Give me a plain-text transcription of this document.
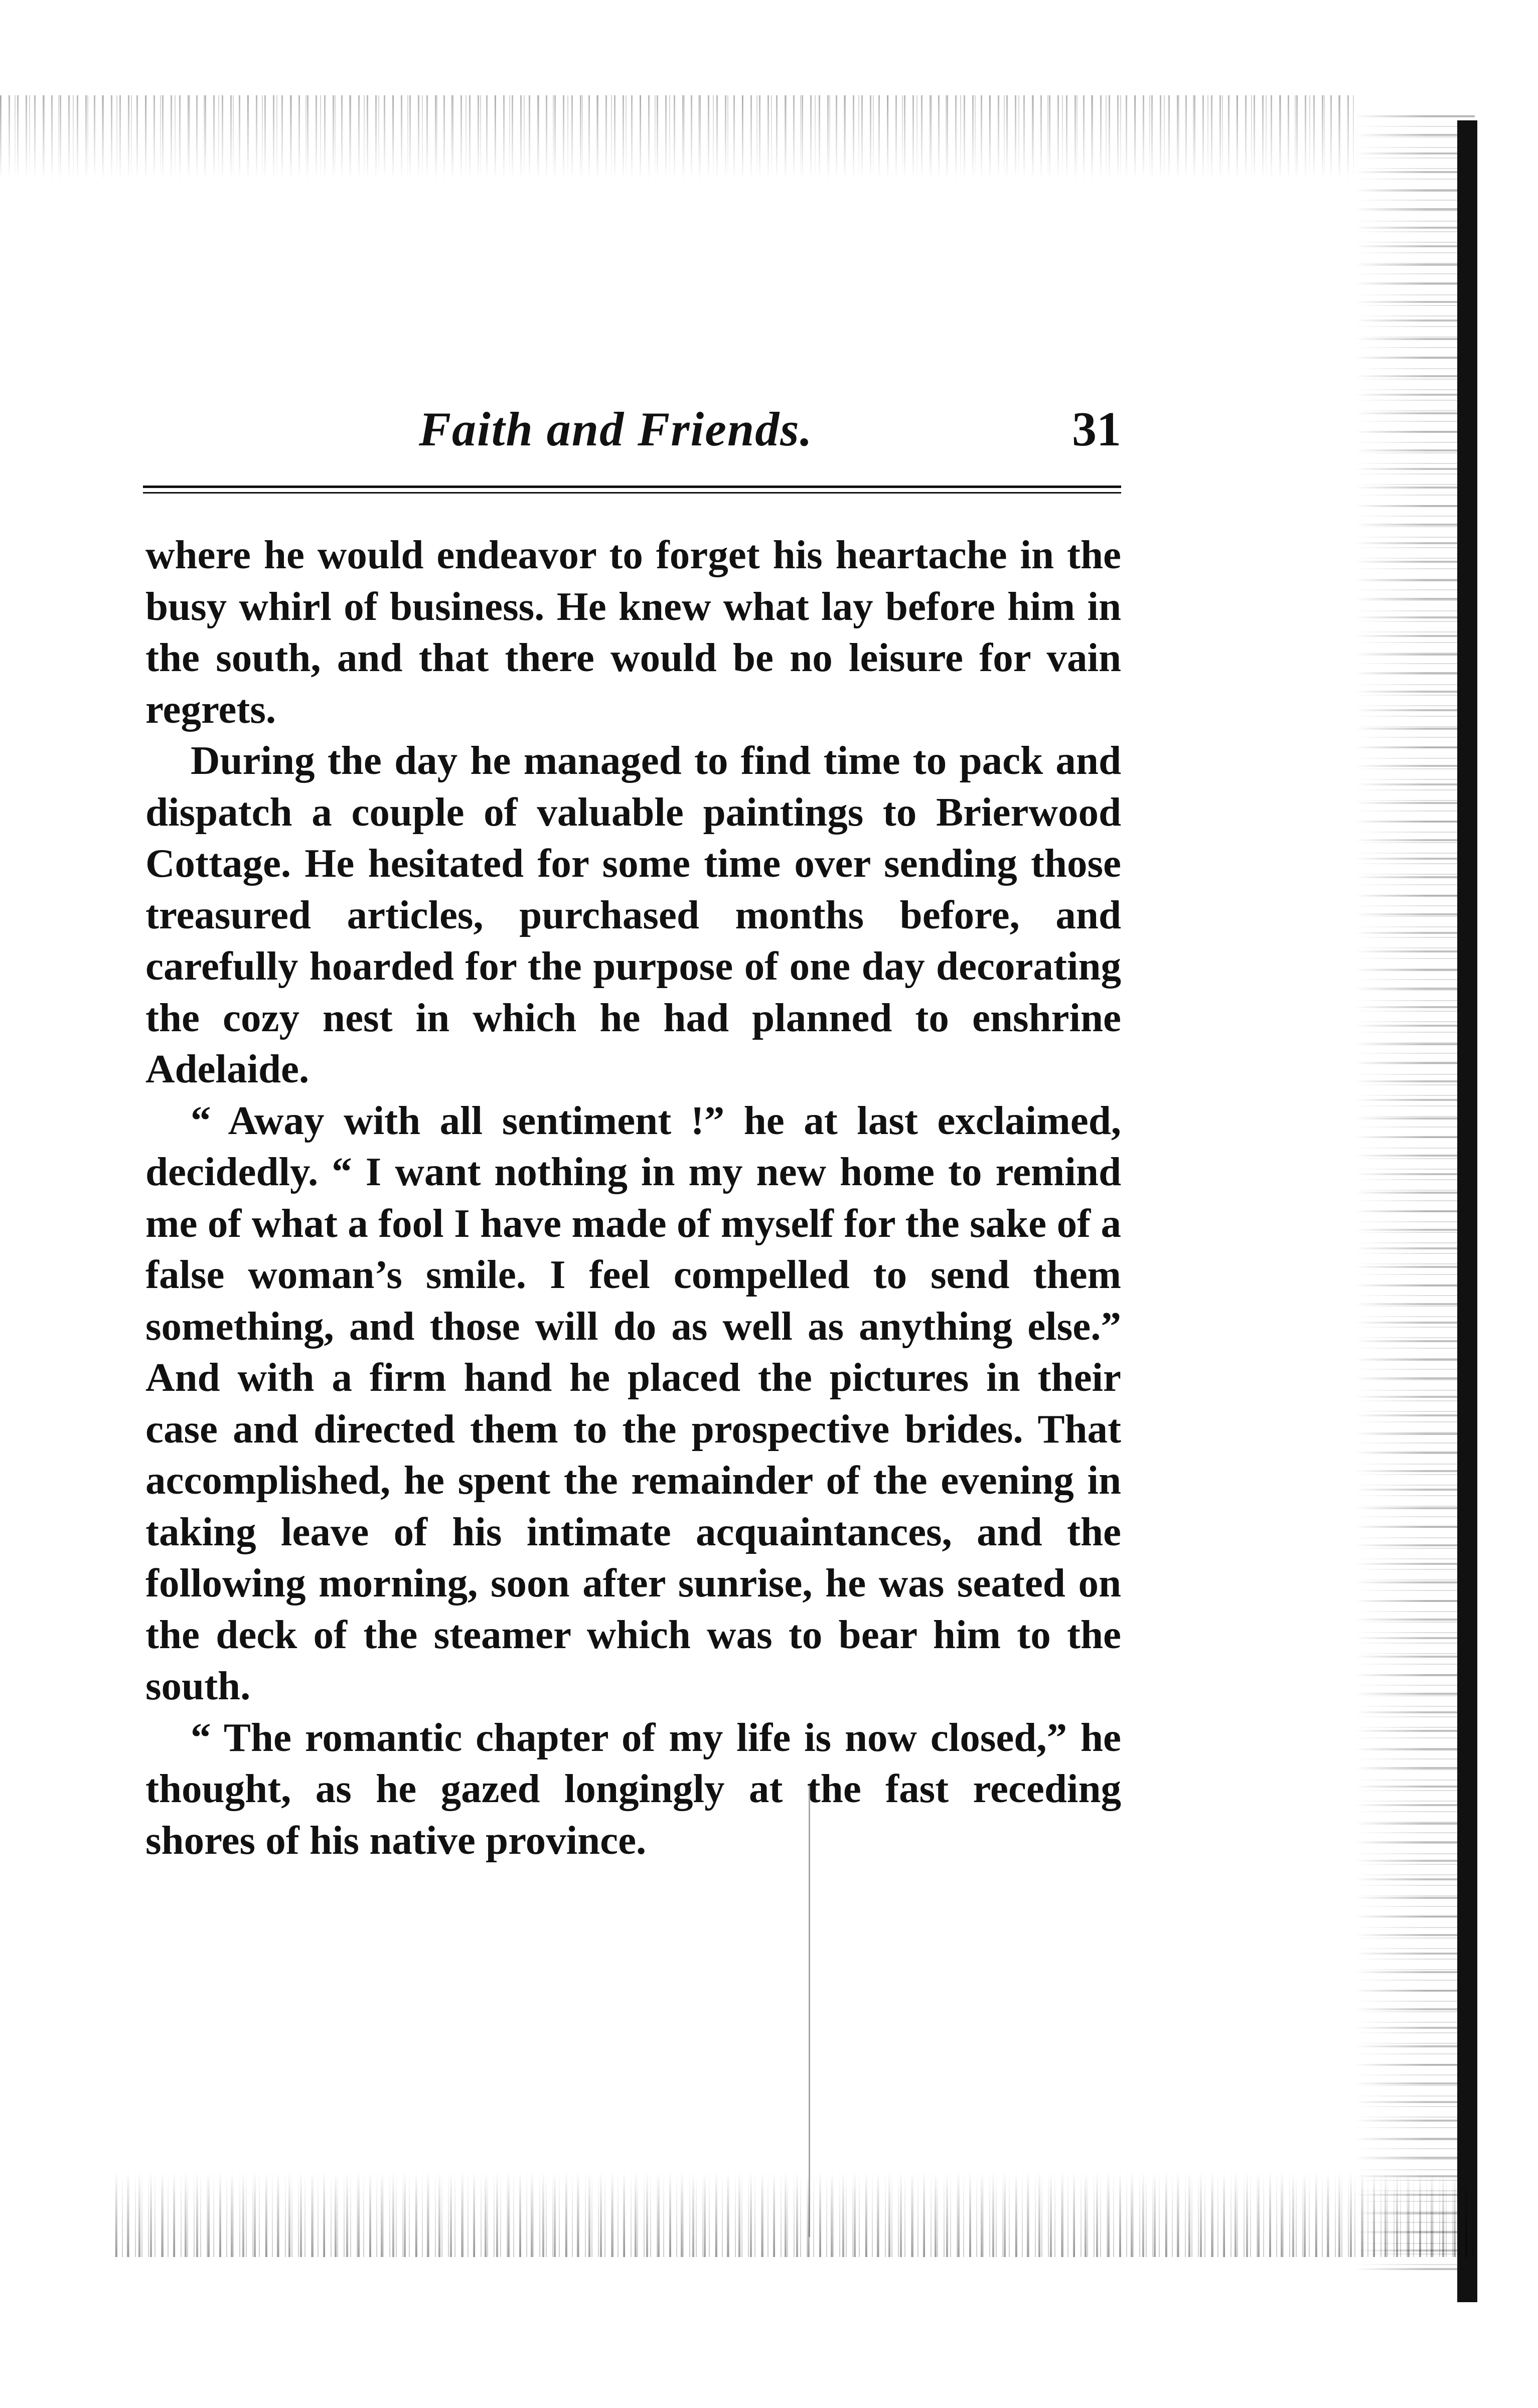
Faith and Friends.	31

where he would endeavor to forget his heartache in the busy whirl of business. He knew what lay before him in the south, and that there would be no leisure for vain regrets.

During the day he managed to find time to pack and dispatch a couple of valuable paintings to Brierwood Cottage. He hesitated for some time over sending those treasured articles, purchased months before, and carefully hoarded for the purpose of one day decorating the cozy nest in which he had planned to enshrine Adelaide.

“ Away with all sentiment !” he at last exclaimed, decidedly. “ I want nothing in my new home to remind me of what a fool I have made of myself for the sake of a false woman’s smile. I feel compelled to send them something, and those will do as well as anything else.” And with a firm hand he placed the pictures in their case and directed them to the prospective brides. That accomplished, he spent the remainder of the evening in taking leave of his intimate acquaintances, and the following morning, soon after sunrise, he was seated on the deck of the steamer which was to bear him to the south.

“ The romantic chapter of my life is now closed,” he thought, as he gazed longingly at the fast receding shores of his native province.
